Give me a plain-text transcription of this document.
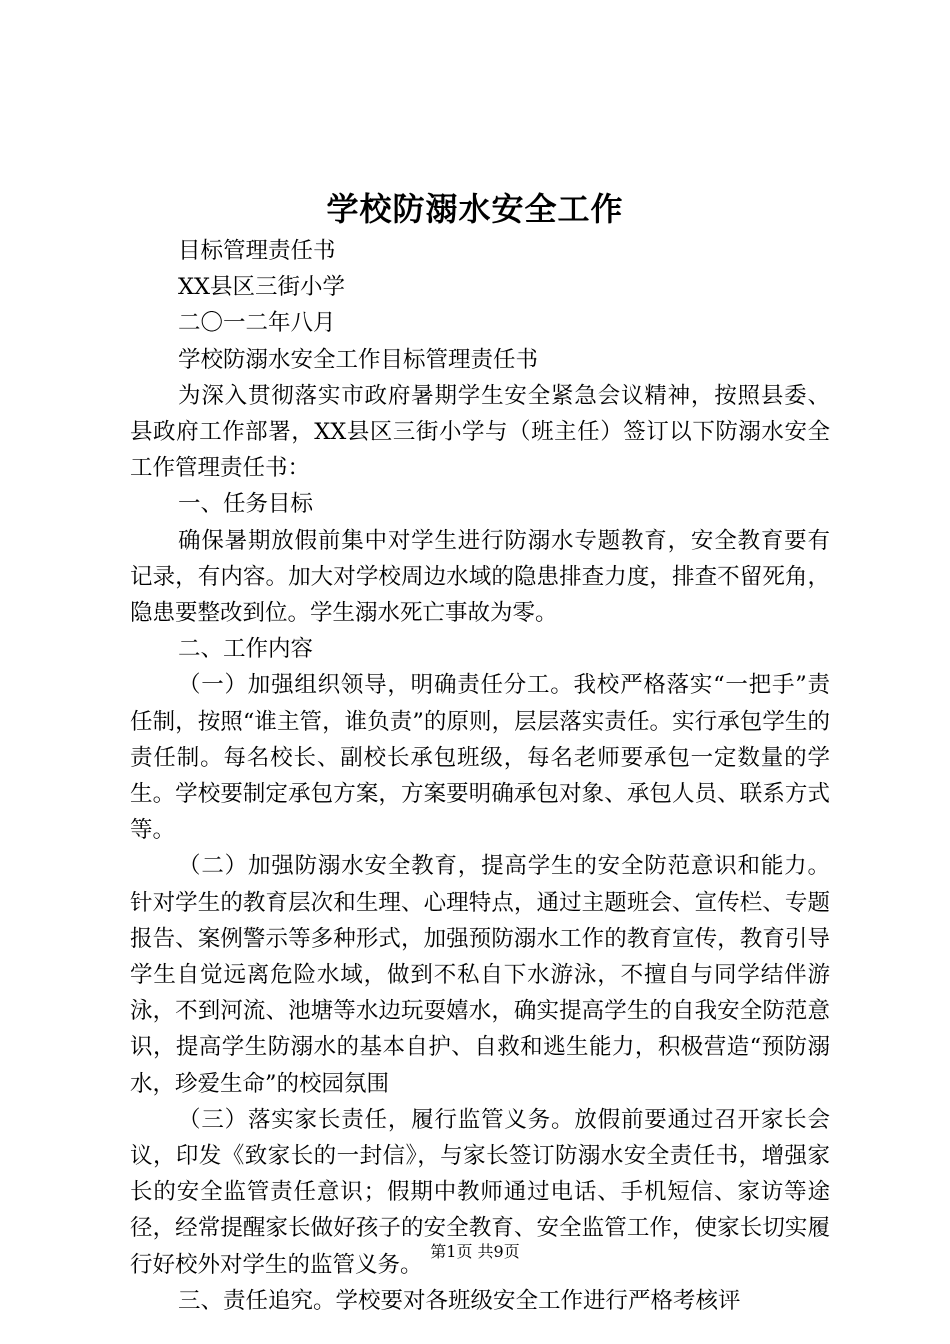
学校防溺水安全工作

目标管理责任书

XX县区三街小学

二〇一二年八月

学校防溺水安全工作目标管理责任书

为深入贯彻落实市政府暑期学生安全紧急会议精神，按照县委、县政府工作部署，XX县区三街小学与（班主任）签订以下防溺水安全工作管理责任书：

一、任务目标

确保暑期放假前集中对学生进行防溺水专题教育，安全教育要有记录，有内容。加大对学校周边水域的隐患排查力度，排查不留死角，隐患要整改到位。学生溺水死亡事故为零。

二、工作内容

（一）加强组织领导，明确责任分工。我校严格落实“一把手”责任制，按照“谁主管，谁负责”的原则，层层落实责任。实行承包学生的责任制。每名校长、副校长承包班级，每名老师要承包一定数量的学生。学校要制定承包方案，方案要明确承包对象、承包人员、联系方式等。

（二）加强防溺水安全教育，提高学生的安全防范意识和能力。针对学生的教育层次和生理、心理特点，通过主题班会、宣传栏、专题报告、案例警示等多种形式，加强预防溺水工作的教育宣传，教育引导学生自觉远离危险水域，做到不私自下水游泳，不擅自与同学结伴游泳，不到河流、池塘等水边玩耍嬉水，确实提高学生的自我安全防范意识，提高学生防溺水的基本自护、自救和逃生能力，积极营造“预防溺水，珍爱生命”的校园氛围

（三）落实家长责任，履行监管义务。放假前要通过召开家长会议，印发《致家长的一封信》，与家长签订防溺水安全责任书，增强家长的安全监管责任意识；假期中教师通过电话、手机短信、家访等途径，经常提醒家长做好孩子的安全教育、安全监管工作，使家长切实履行好校外对学生的监管义务。

三、责任追究。学校要对各班级安全工作进行严格考核评

第1页 共9页
